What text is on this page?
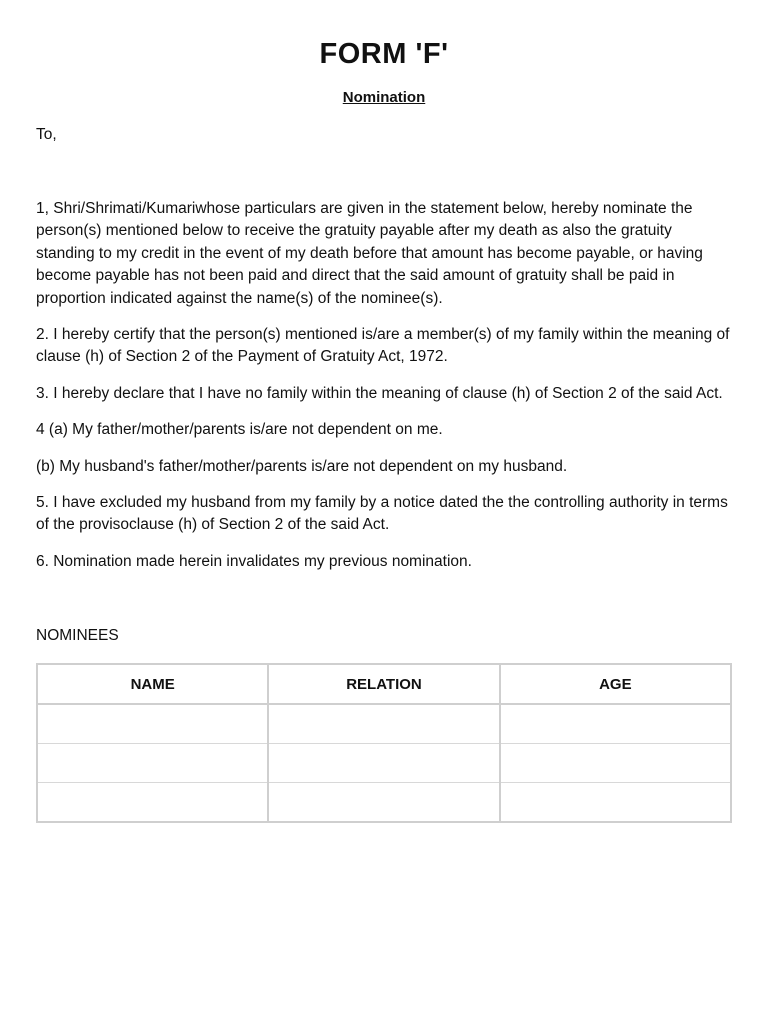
FORM 'F'

Nomination

To,

1, Shri/Shrimati/Kumariwhose particulars are given in the statement below, hereby nominate the person(s) mentioned below to receive the gratuity payable after my death as also the gratuity standing to my credit in the event of my death before that amount has become payable, or having become payable has not been paid and direct that the said amount of gratuity shall be paid in proportion indicated against the name(s) of the nominee(s).

2. I hereby certify that the person(s) mentioned is/are a member(s) of my family within the meaning of clause (h) of Section 2 of the Payment of Gratuity Act, 1972.

3. I hereby declare that I have no family within the meaning of clause (h) of Section 2 of the said Act.

4 (a) My father/mother/parents is/are not dependent on me.

(b) My husband's father/mother/parents is/are not dependent on my husband.

5. I have excluded my husband from my family by a notice dated the the controlling authority in terms of the provisoclause (h) of Section 2 of the said Act.

6. Nomination made herein invalidates my previous nomination.

NOMINEES

NAME	RELATION	AGE
